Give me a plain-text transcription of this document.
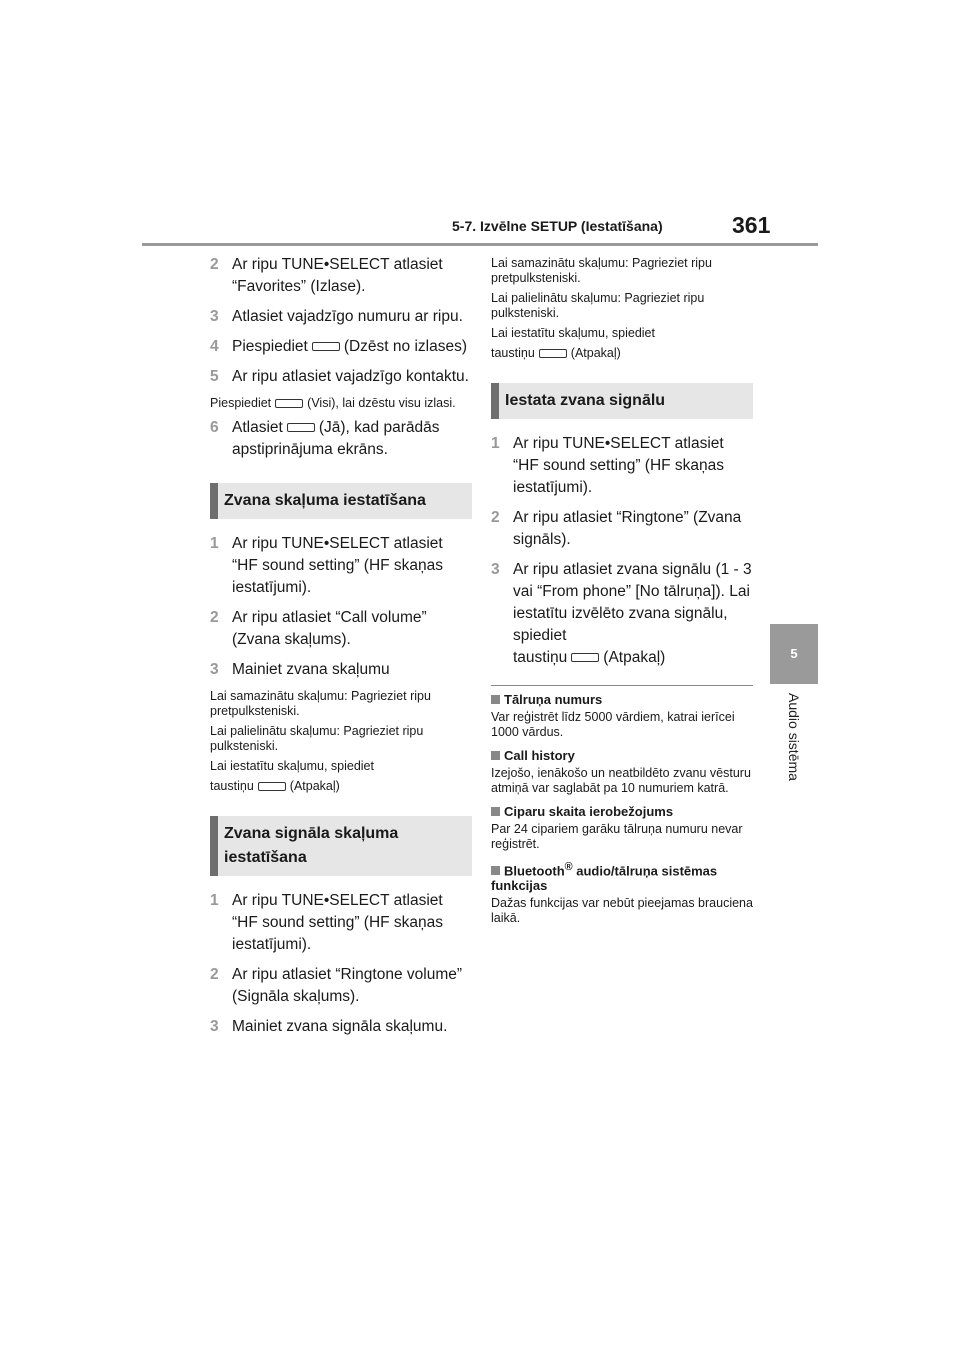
5-7. Izvēlne SETUP (Iestatīšana)	361
5
Audio sistēma
2 Ar ripu TUNE•SELECT atlasiet “Favorites” (Izlase).
3 Atlasiet vajadzīgo numuru ar ripu.
4 Piespiediet (Dzēst no izlases)
5 Ar ripu atlasiet vajadzīgo kontaktu.
Piespiediet	(Visi), lai dzēstu visu izlasi.
6 Atlasiet (Jā), kad parādās apstiprinājuma ekrāns.
Zvana skaļuma iestatīšana
1 Ar ripu TUNE•SELECT atlasiet “HF sound setting” (HF skaņas iestatījumi).
2 Ar ripu atlasiet “Call volume” (Zvana skaļums).
3 Mainiet zvana skaļumu

Lai samazinātu skaļumu: Pagrieziet ripu pretpulksteniski.

Lai palielinātu skaļumu: Pagrieziet ripu pulksteniski.

Lai iestatītu skaļumu, spiediet

taustiņu	(Atpakaļ)

Zvana signāla skaļuma iestatīšana
1 Ar ripu TUNE•SELECT atlasiet “HF sound setting” (HF skaņas iestatījumi).
2 Ar ripu atlasiet “Ringtone volume” (Signāla skaļums).
3 Mainiet zvana signāla skaļumu.

Lai samazinātu skaļumu: Pagrieziet ripu pretpulksteniski.

Lai palielinātu skaļumu: Pagrieziet ripu pulksteniski.

Lai iestatītu skaļumu, spiediet

taustiņu	(Atpakaļ)

Iestata zvana signālu
1 Ar ripu TUNE•SELECT atlasiet “HF sound setting” (HF skaņas iestatījumi).
2 Ar ripu atlasiet “Ringtone” (Zvana signāls).
3 Ar ripu atlasiet zvana signālu (1 - 3 vai “From phone” [No tālruņa]). Lai iestatītu izvēlēto zvana signālu, spiediet
taustiņu (Atpakaļ)
Tālruņa numurs
Var reģistrēt līdz 5000 vārdiem, katrai ierīcei 1000 vārdus.
Call history
Izejošo, ienākošo un neatbildēto zvanu vēsturu atmiņā var saglabāt pa 10 numuriem katrā.
Ciparu skaita ierobežojums
Par 24 cipariem garāku tālruņa numuru nevar reģistrēt.
Bluetooth® audio/tālruņa sistēmas funkcijas
Dažas funkcijas var nebūt pieejamas brauciena laikā.
